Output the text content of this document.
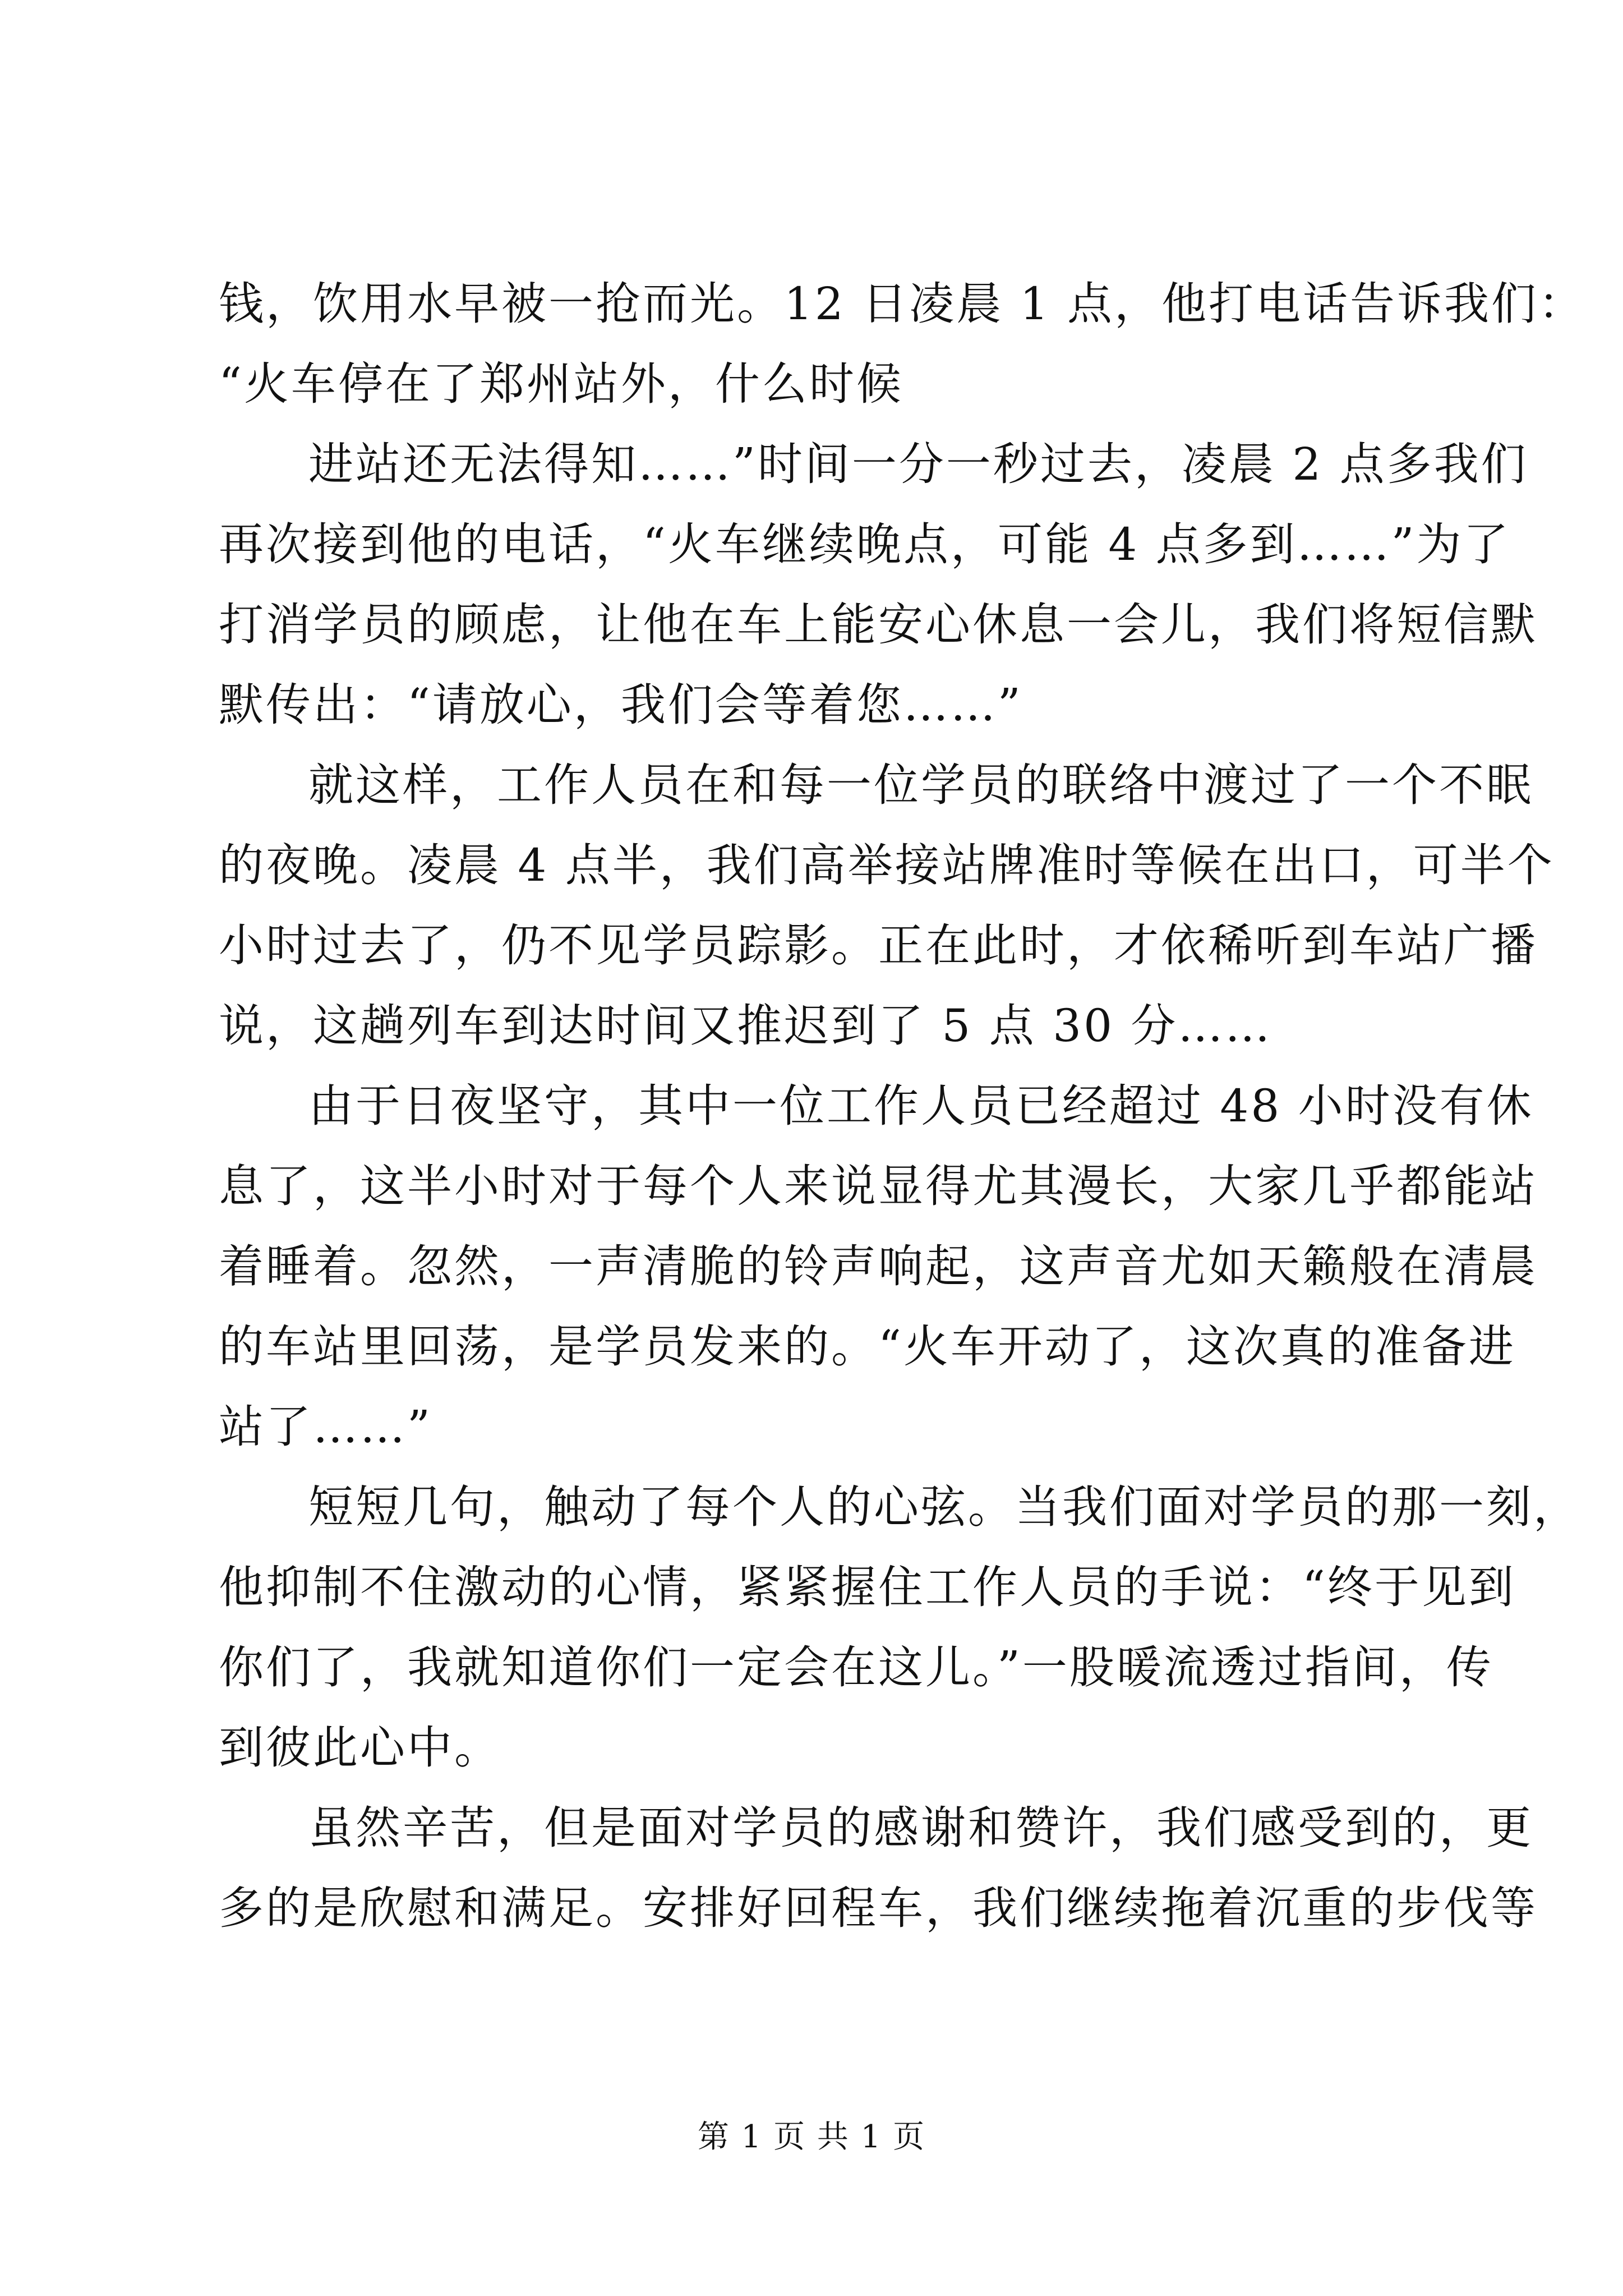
钱，饮用水早被一抢而光。12 日凌晨 1 点，他打电话告诉我们：
“火车停在了郑州站外，什么时候
进站还无法得知……”时间一分一秒过去，凌晨 2 点多我们
再次接到他的电话，“火车继续晚点，可能 4 点多到……”为了
打消学员的顾虑，让他在车上能安心休息一会儿，我们将短信默
默传出：“请放心，我们会等着您……”
就这样，工作人员在和每一位学员的联络中渡过了一个不眠
的夜晚。凌晨 4 点半，我们高举接站牌准时等候在出口，可半个
小时过去了，仍不见学员踪影。正在此时，才依稀听到车站广播
说，这趟列车到达时间又推迟到了 5 点 30 分……
由于日夜坚守，其中一位工作人员已经超过 48 小时没有休
息了，这半小时对于每个人来说显得尤其漫长，大家几乎都能站
着睡着。忽然，一声清脆的铃声响起，这声音尤如天籁般在清晨
的车站里回荡，是学员发来的。“火车开动了，这次真的准备进
站了……”
短短几句，触动了每个人的心弦。当我们面对学员的那一刻，
他抑制不住激动的心情，紧紧握住工作人员的手说：“终于见到
你们了，我就知道你们一定会在这儿。”一股暖流透过指间，传
到彼此心中。
虽然辛苦，但是面对学员的感谢和赞许，我们感受到的，更
多的是欣慰和满足。安排好回程车，我们继续拖着沉重的步伐等
第 1 页 共 1 页
